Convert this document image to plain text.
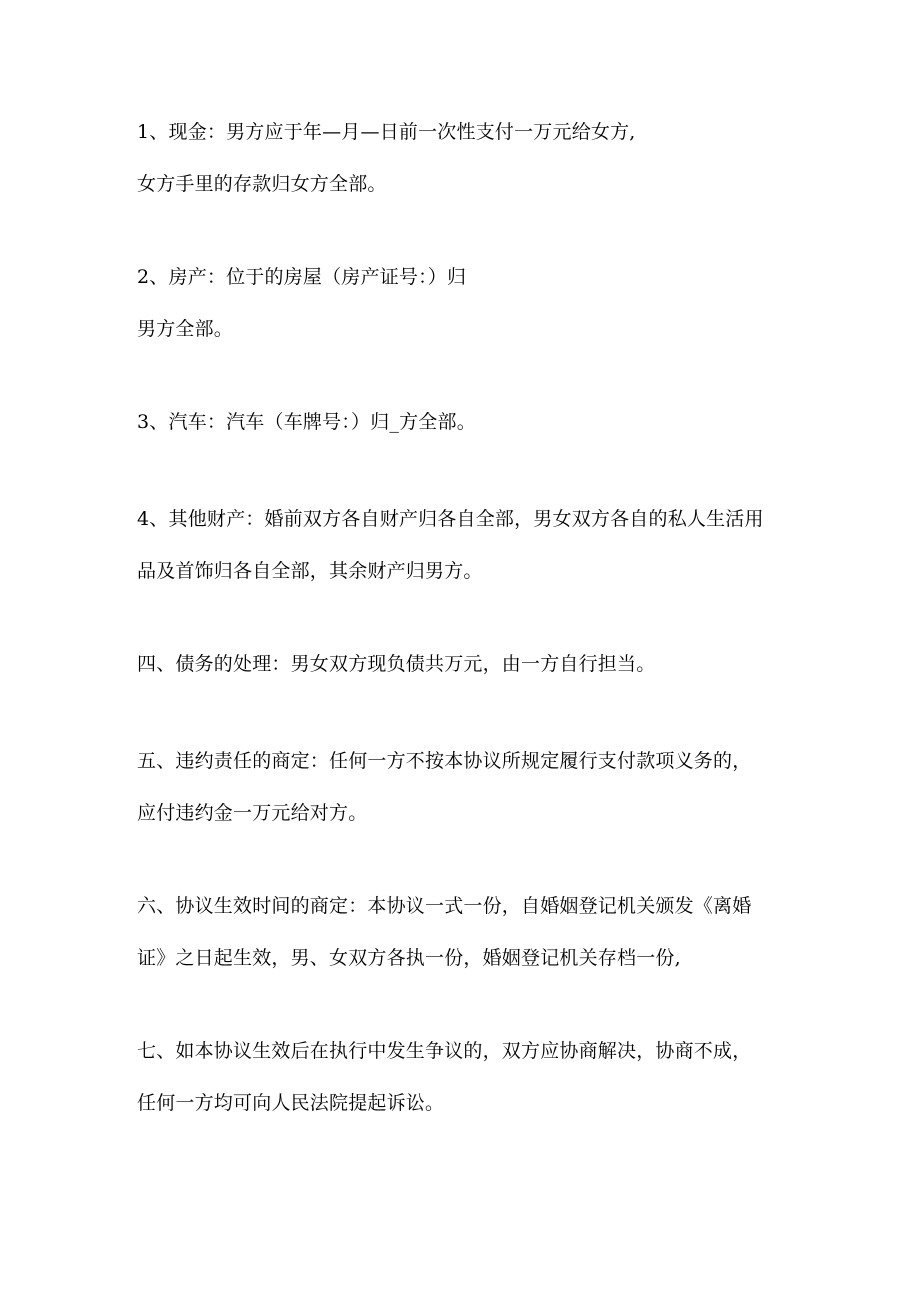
1、现金：男方应于年—月—日前一次性支付一万元给女方,
女方手里的存款归女方全部。
2、房产：位于的房屋（房产证号：）归
男方全部。
3、汽车：汽车（车牌号：）归_方全部。
4、其他财产：婚前双方各自财产归各自全部，男女双方各自的私人生活用
品及首饰归各自全部，其余财产归男方。
四、债务的处理：男女双方现负债共万元，由一方自行担当。
五、违约责任的商定：任何一方不按本协议所规定履行支付款项义务的，
应付违约金一万元给对方。
六、协议生效时间的商定：本协议一式一份，自婚姻登记机关颁发《离婚
证》之日起生效，男、女双方各执一份，婚姻登记机关存档一份,
七、如本协议生效后在执行中发生争议的，双方应协商解决，协商不成，
任何一方均可向人民法院提起诉讼。
